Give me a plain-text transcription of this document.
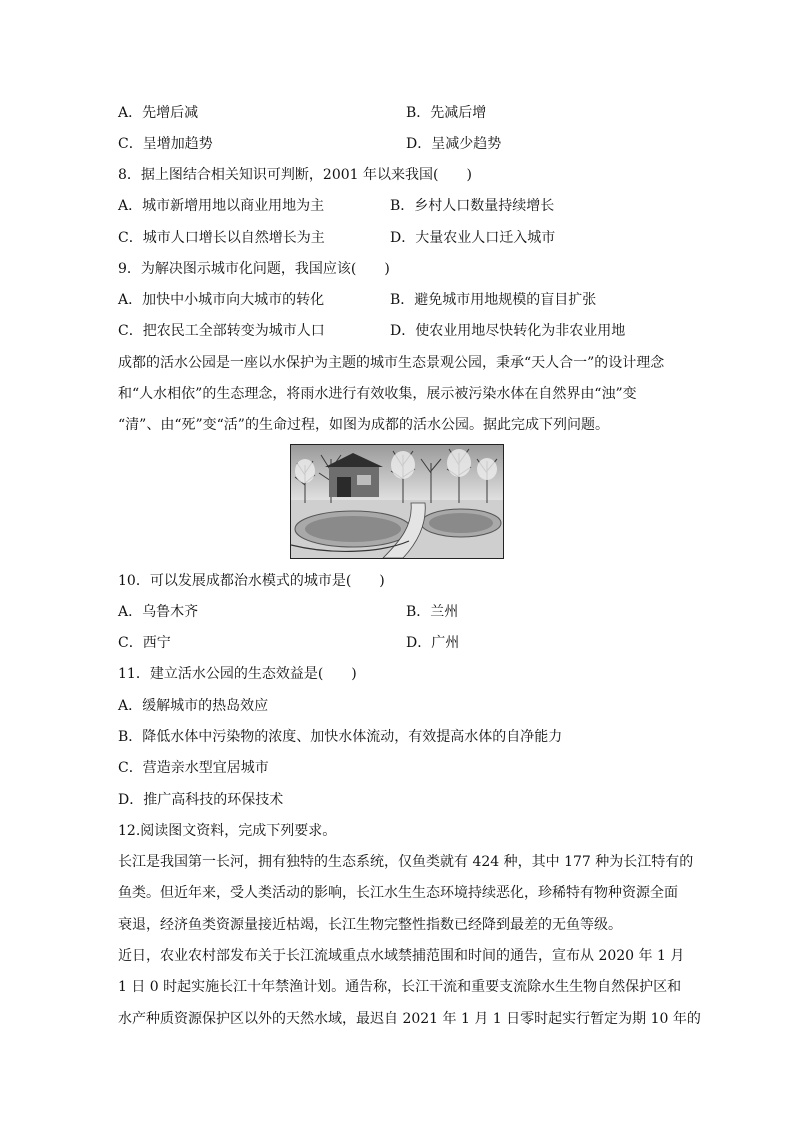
A．先增后减	B．先减后增
C．呈增加趋势	D．呈减少趋势
8．据上图结合相关知识可判断，2001 年以来我国(　　)
A．城市新增用地以商业用地为主	B．乡村人口数量持续增长
C．城市人口增长以自然增长为主	D．大量农业人口迁入城市
9．为解决图示城市化问题，我国应该(　　)
A．加快中小城市向大城市的转化	B．避免城市用地规模的盲目扩张
C．把农民工全部转变为城市人口	D．使农业用地尽快转化为非农业用地
成都的活水公园是一座以水保护为主题的城市生态景观公园，秉承“天人合一”的设计理念
和“人水相依”的生态理念，将雨水进行有效收集，展示被污染水体在自然界由“浊”变
“清”、由“死”变“活”的生命过程，如图为成都的活水公园。据此完成下列问题。
10．可以发展成都治水模式的城市是(　　)
A．乌鲁木齐	B．兰州
C．西宁	D．广州
11．建立活水公园的生态效益是(　　)
A．缓解城市的热岛效应
B．降低水体中污染物的浓度、加快水体流动，有效提高水体的自净能力
C．营造亲水型宜居城市
D．推广高科技的环保技术
12.阅读图文资料，完成下列要求。
长江是我国第一长河，拥有独特的生态系统，仅鱼类就有 424 种，其中 177 种为长江特有的
鱼类。但近年来，受人类活动的影响，长江水生生态环境持续恶化，珍稀特有物种资源全面
衰退，经济鱼类资源量接近枯竭，长江生物完整性指数已经降到最差的无鱼等级。
近日，农业农村部发布关于长江流域重点水域禁捕范围和时间的通告，宣布从 2020 年 1 月
1 日 0 时起实施长江十年禁渔计划。通告称，长江干流和重要支流除水生生物自然保护区和
水产种质资源保护区以外的天然水域，最迟自 2021 年 1 月 1 日零时起实行暂定为期 10 年的
